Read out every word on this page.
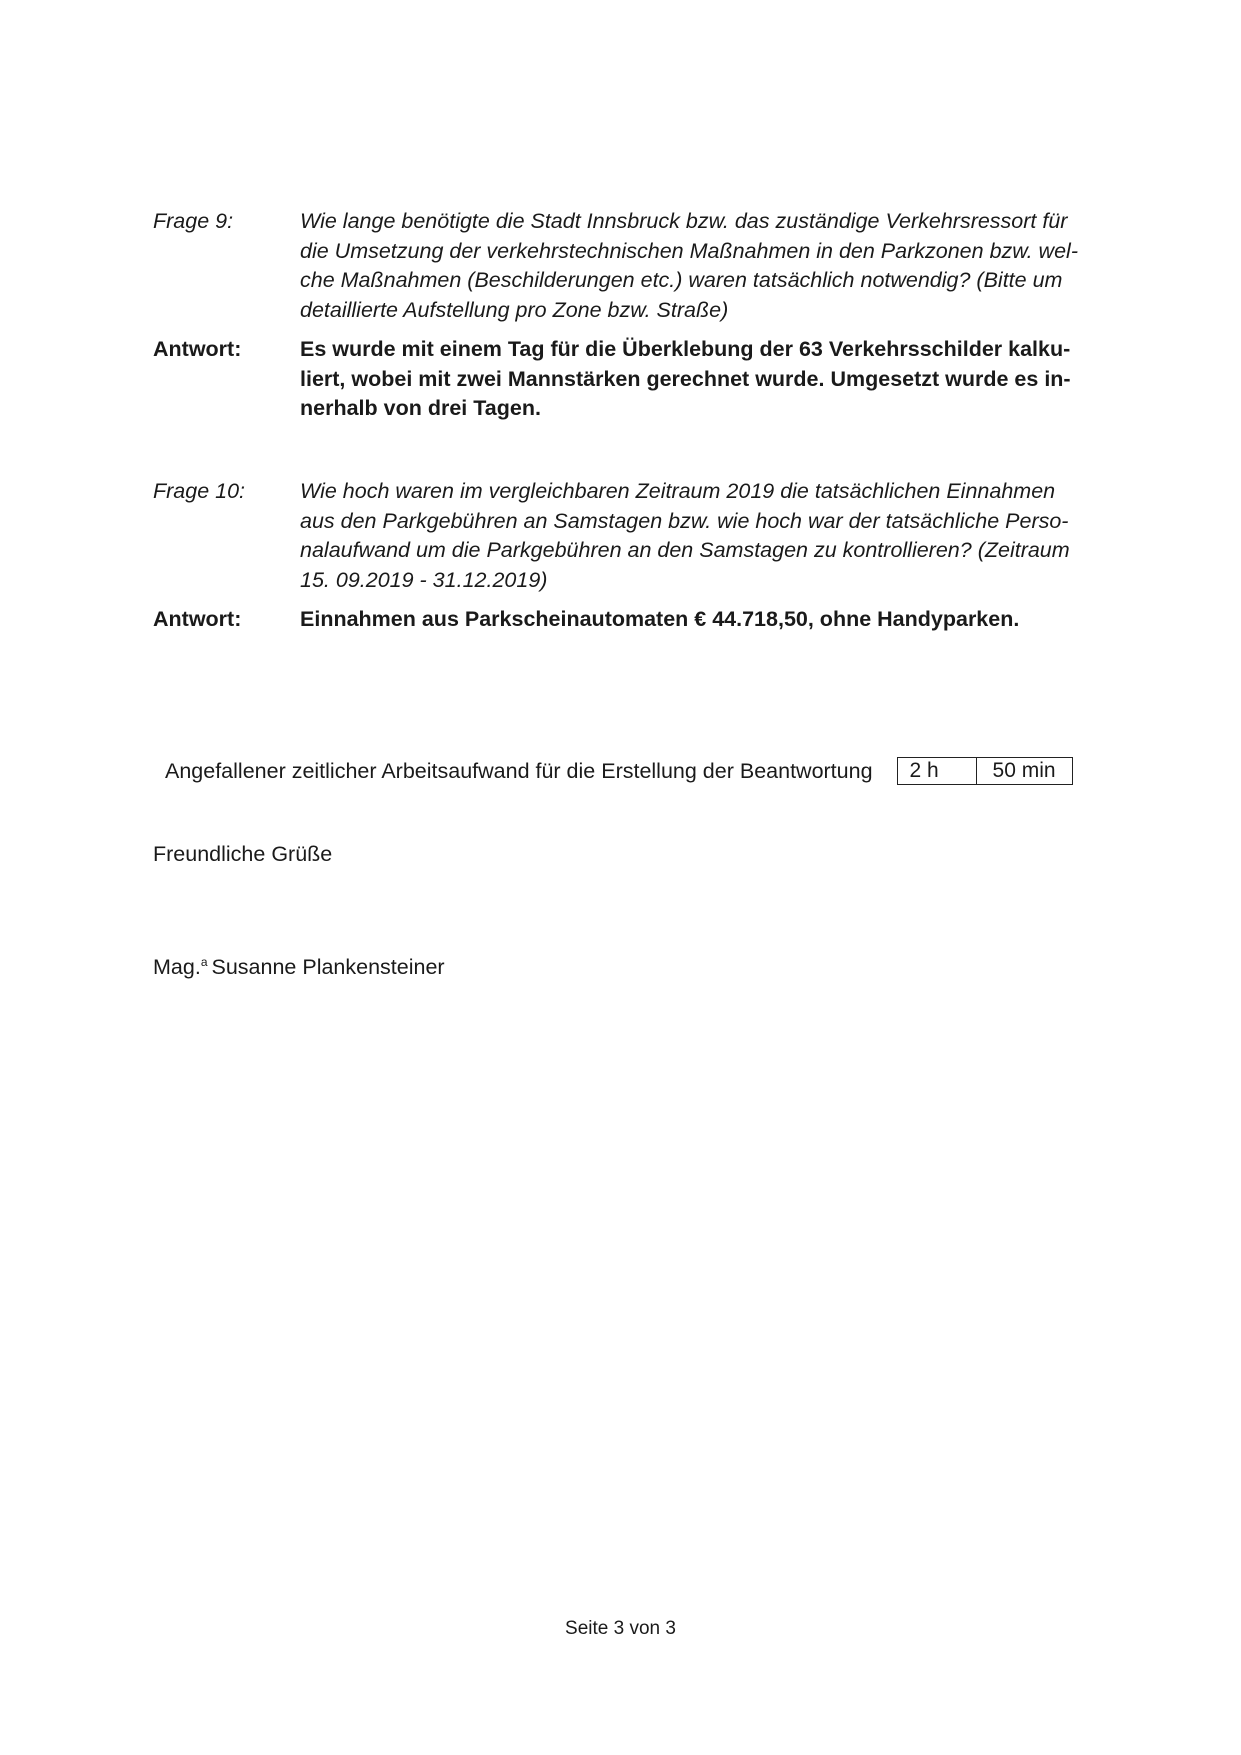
Frage 9:	Wie lange benötigte die Stadt Innsbruck bzw. das zuständige Verkehrsressort für
die Umsetzung der verkehrstechnischen Maßnahmen in den Parkzonen bzw. wel-
che Maßnahmen (Beschilderungen etc.) waren tatsächlich notwendig? (Bitte um
detaillierte Aufstellung pro Zone bzw. Straße)
Antwort:	Es wurde mit einem Tag für die Überklebung der 63 Verkehrsschilder kalku-
liert, wobei mit zwei Mannstärken gerechnet wurde. Umgesetzt wurde es in-
nerhalb von drei Tagen.
Frage 10:	Wie hoch waren im vergleichbaren Zeitraum 2019 die tatsächlichen Einnahmen
aus den Parkgebühren an Samstagen bzw. wie hoch war der tatsächliche Perso-
nalaufwand um die Parkgebühren an den Samstagen zu kontrollieren? (Zeitraum
15. 09.2019 - 31.12.2019)
Antwort:	Einnahmen aus Parkscheinautomaten € 44.718,50, ohne Handyparken.
Angefallener zeitlicher Arbeitsaufwand für die Erstellung der Beantwortung	2 h	50 min
Freundliche Grüße
Mag.$^a$ Susanne Plankensteiner
Seite 3 von 3
